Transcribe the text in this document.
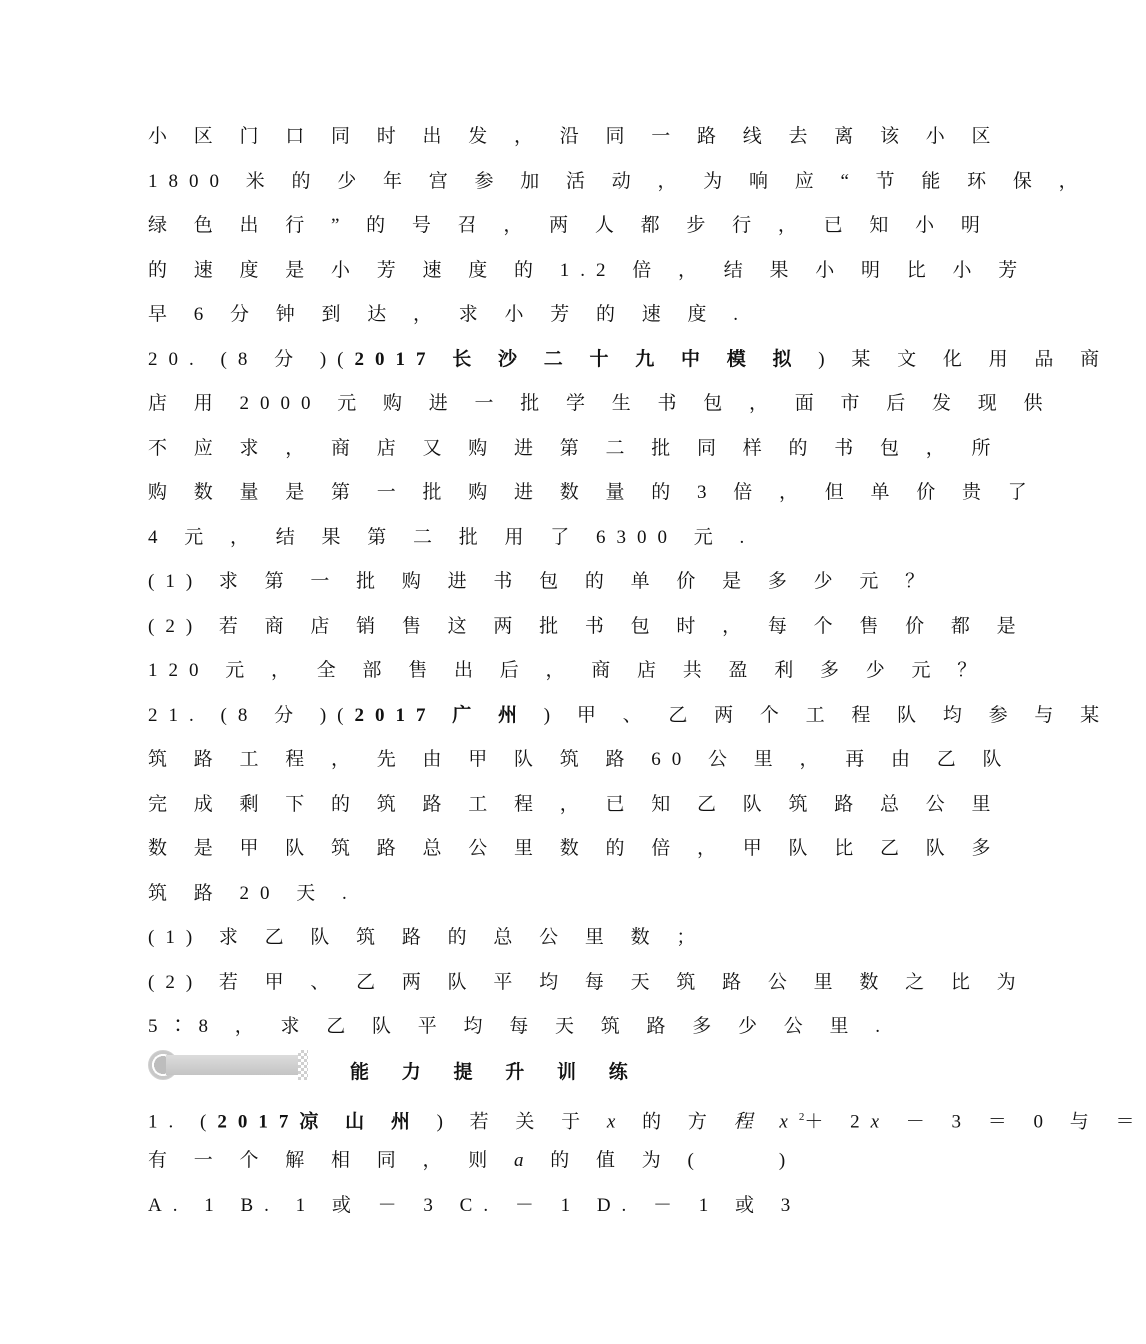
小 区 门 口 同 时 出 发 ， 沿 同 一 路 线 去 离 该 小 区
1800 米 的 少 年 宫 参 加 活 动 ， 为 响 应 “ 节 能 环 保 ，
绿 色 出 行 ” 的 号 召 ， 两 人 都 步 行 ， 已 知 小 明
的 速 度 是 小 芳 速 度 的 1.2 倍 ， 结 果 小 明 比 小 芳
早 6 分 钟 到 达 ， 求 小 芳 的 速 度 .
20. (8 分 )(2017 长 沙 二 十 九 中 模 拟 ) 某 文 化 用 品 商
店 用 2000 元 购 进 一 批 学 生 书 包 ， 面 市 后 发 现 供
不 应 求 ， 商 店 又 购 进 第 二 批 同 样 的 书 包 ， 所
购 数 量 是 第 一 批 购 进 数 量 的 3 倍 ， 但 单 价 贵 了
4 元 ， 结 果 第 二 批 用 了 6300 元 .
(1) 求 第 一 批 购 进 书 包 的 单 价 是 多 少 元 ？
(2) 若 商 店 销 售 这 两 批 书 包 时 ， 每 个 售 价 都 是
120 元 ， 全 部 售 出 后 ， 商 店 共 盈 利 多 少 元 ？
21. (8 分 )(2017 广 州 ) 甲 、 乙 两 个 工 程 队 均 参 与 某
筑 路 工 程 ， 先 由 甲 队 筑 路 60 公 里 ， 再 由 乙 队
完 成 剩 下 的 筑 路 工 程 ， 已 知 乙 队 筑 路 总 公 里
数 是 甲 队 筑 路 总 公 里 数 的 倍 ， 甲 队 比 乙 队 多
筑 路 20 天 .
(1) 求 乙 队 筑 路 的 总 公 里 数 ；
(2) 若 甲 、 乙 两 队 平 均 每 天 筑 路 公 里 数 之 比 为
5∶8 ， 求 乙 队 平 均 每 天 筑 路 多 少 公 里 .
能 力 提 升 训 练
1. (2017凉 山 州 ) 若 关 于 x 的 方 程 $x^2+ 2x - 3 = 0$ 与 ＝
有 一 个 解 相 同 ， 则 a 的 值 为 (	)
A. 1 B. 1 或 － 3 C. － 1 D. － 1 或 3
